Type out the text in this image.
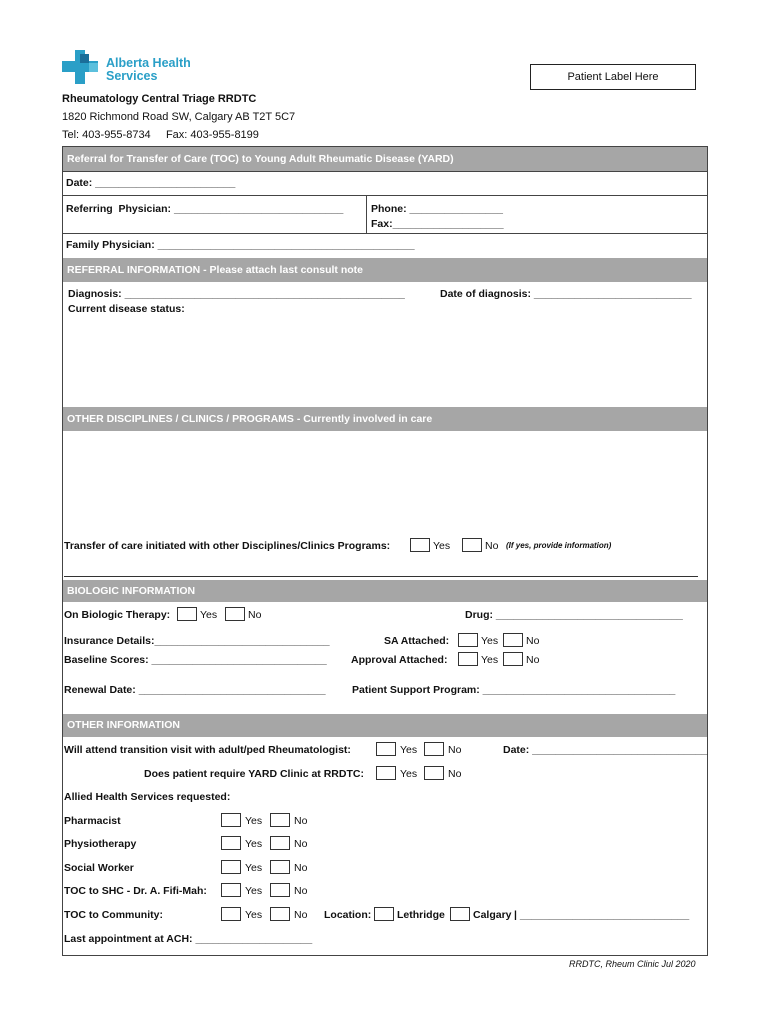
Alberta Health
Services	Patient Label Here
Rheumatology Central Triage RRDTC
1820 Richmond Road SW, Calgary AB T2T 5C7
Tel: 403-955-8734     Fax: 403-955-8199
Referral for Transfer of Care (TOC) to Young Adult Rheumatic Disease (YARD)
Date: ________________________
Referring  Physician: _____________________________	Phone: ________________
Fax:___________________
Family Physician: ____________________________________________
REFERRAL INFORMATION - Please attach last consult note
Diagnosis: ________________________________________________	Date of diagnosis: ___________________________
Current disease status:
OTHER DISCIPLINES / CLINICS / PROGRAMS - Currently involved in care
Transfer of care initiated with other Disciplines/Clinics Programs:	Yes	No (If yes, provide information)
BIOLOGIC INFORMATION
On Biologic Therapy:	Yes	No	Drug: ________________________________
Insurance Details:______________________________	SA Attached:	Yes	No
Baseline Scores: ______________________________ Approval Attached:	Yes	No
Renewal Date: ________________________________	Patient Support Program: _________________________________
OTHER INFORMATION
Will attend transition visit with adult/ped Rheumatologist:	Yes	No	Date: ______________________________
Does patient require YARD Clinic at RRDTC:	Yes	No
Allied Health Services requested:
Pharmacist	Yes	No
Physiotherapy	Yes	No
Social Worker	Yes	No
TOC to SHC - Dr. A. Fifi-Mah:	Yes	No
TOC to Community:	Yes	No Location: Lethridge	Calgary | _____________________________
Last appointment at ACH: ____________________
RRDTC, Rheum Clinic Jul 2020
